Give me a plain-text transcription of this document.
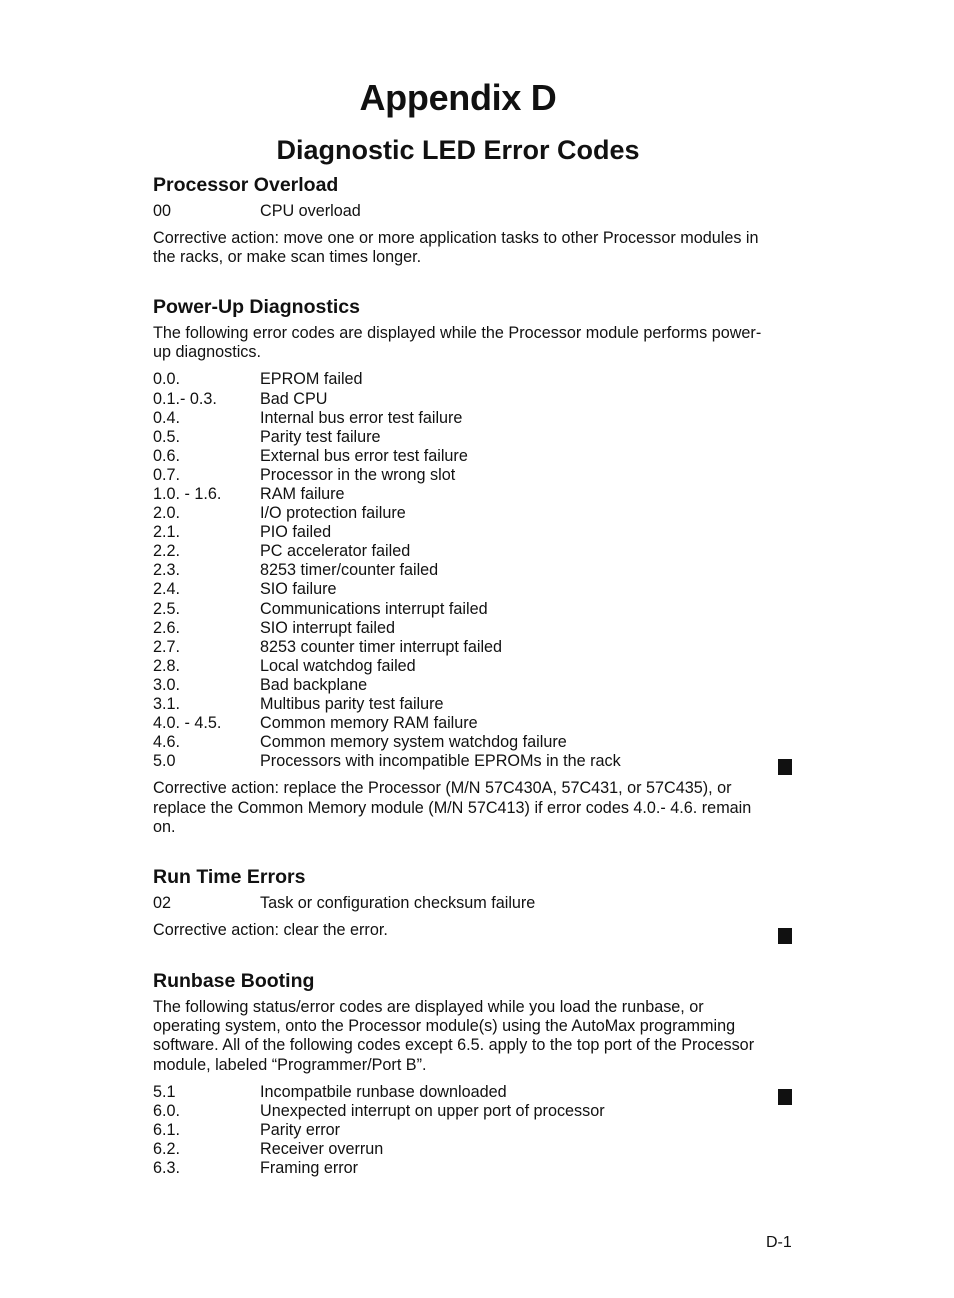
Appendix D
Diagnostic LED Error Codes
Processor Overload
00	CPU overload

Corrective action: move one or more application tasks to other Processor modules in the racks, or make scan times longer.

Power-Up Diagnostics

The following error codes are displayed while the Processor module performs power-up diagnostics.

0.0.	EPROM failed
0.1.- 0.3.	Bad CPU
0.4.	Internal bus error test failure
0.5.	Parity test failure
0.6.	External bus error test failure
0.7.	Processor in the wrong slot
1.0. - 1.6.	RAM failure
2.0.	I/O protection failure
2.1.	PIO failed
2.2.	PC accelerator failed
2.3.	8253 timer/counter failed
2.4.	SIO failure
2.5.	Communications interrupt failed
2.6.	SIO interrupt failed
2.7.	8253 counter timer interrupt failed
2.8.	Local watchdog failed
3.0.	Bad backplane
3.1.	Multibus parity test failure
4.0. - 4.5.	Common memory RAM failure
4.6.	Common memory system watchdog failure
5.0	Processors with incompatible EPROMs in the rack

Corrective action: replace the Processor (M/N 57C430A, 57C431, or 57C435), or replace the Common Memory module (M/N 57C413) if error codes 4.0.- 4.6. remain on.

Run Time Errors
02	Task or configuration checksum failure

Corrective action: clear the error.

Runbase Booting

The following status/error codes are displayed while you load the runbase, or operating system, onto the Processor module(s) using the AutoMax programming software. All of the following codes except 6.5. apply to the top port of the Processor module, labeled “Programmer/Port B”.

5.1	Incompatbile runbase downloaded
6.0.	Unexpected interrupt on upper port of processor
6.1.	Parity error
6.2.	Receiver overrun
6.3.	Framing error
D-1
